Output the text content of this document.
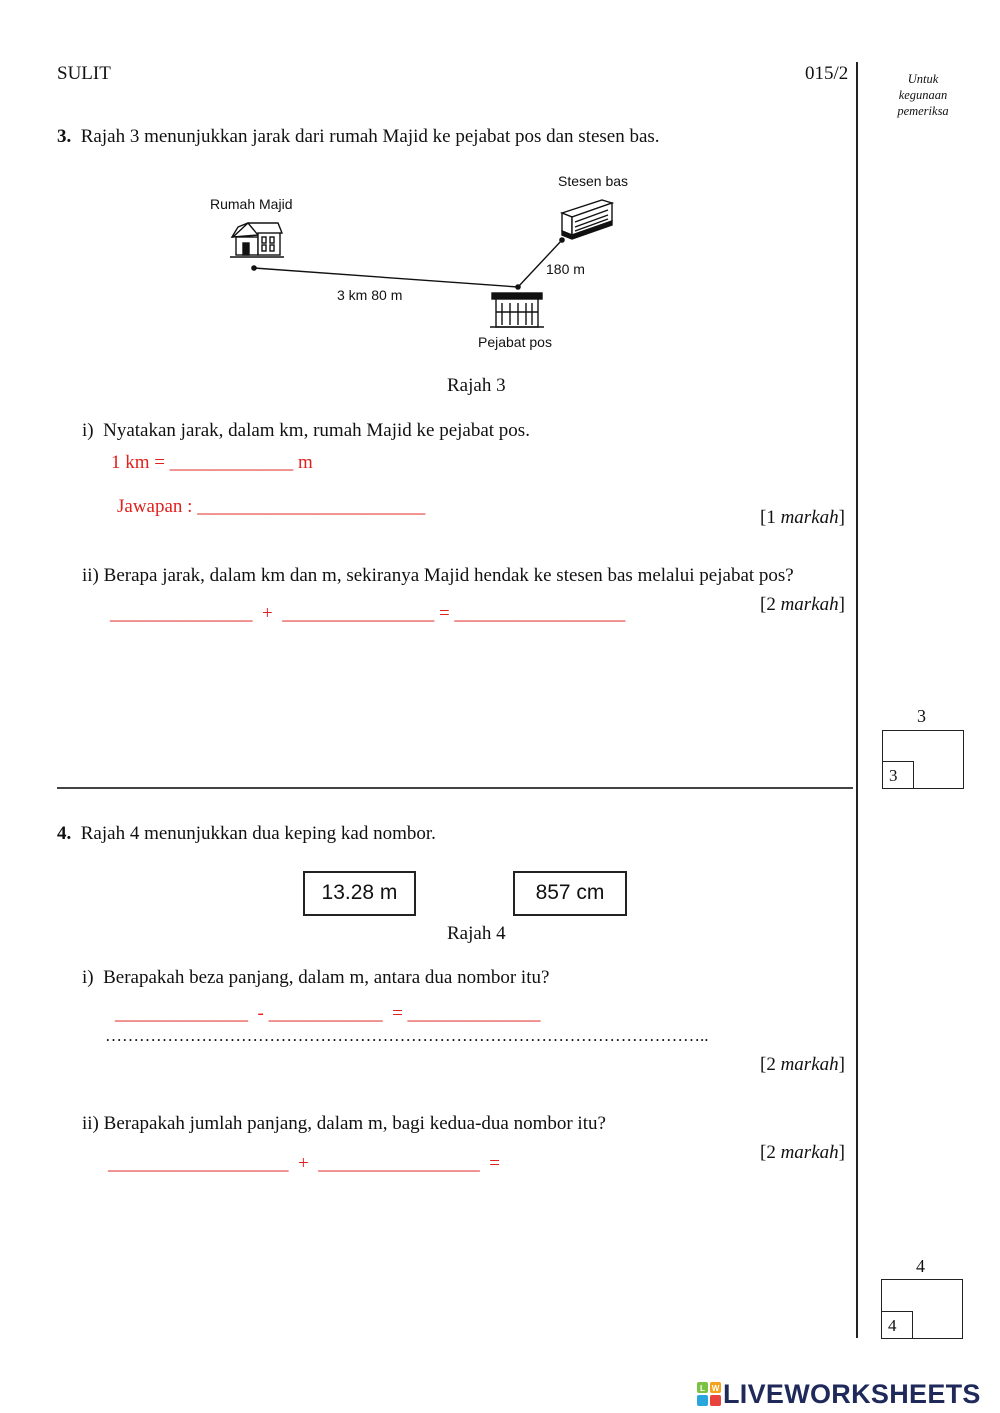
SULIT	015/2	Untuk
kegunaan
pemeriksa
3. Rajah 3 menunjukkan jarak dari rumah Majid ke pejabat pos dan stesen bas.
Rumah Majid
Stesen bas
Pejabat pos
3 km 80 m
180 m
Rajah 3
i) Nyatakan jarak, dalam km, rumah Majid ke pejabat pos.
1 km = _____________ m
Jawapan : ________________________
[1 markah]
ii) Berapa jarak, dalam km dan m, sekiranya Majid hendak ke stesen bas melalui pejabat pos?
[2 markah]
_______________  +  ________________ = __________________
3
3
4. Rajah 4 menunjukkan dua keping kad nombor.
13.28 m	857 cm
Rajah 4
i) Berapakah beza panjang, dalam m, antara dua nombor itu?
______________  - ____________  = ______________
……………………………………………………………………………………………..
[2 markah]
ii) Berapakah jumlah panjang, dalam m, bagi kedua-dua nombor itu?
[2 markah]
___________________  +  _________________  =
4
4
L W LIVEWORKSHEETS
